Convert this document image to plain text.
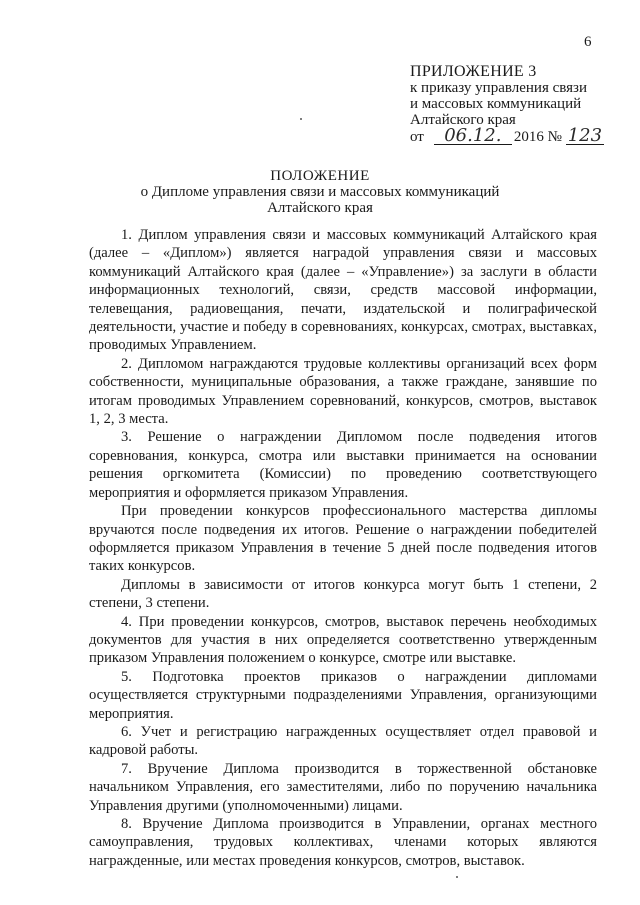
6
ПРИЛОЖЕНИЕ 3
к приказу управления связи
и массовых коммуникаций
Алтайского края
от	06.12. 2016 № 123
ПОЛОЖЕНИЕ
о Дипломе управления связи и массовых коммуникаций
Алтайского края

1. Диплом управления связи и массовых коммуникаций Алтайского края (далее – «Диплом») является наградой управления связи и массовых коммуникаций Алтайского края (далее – «Управление») за заслуги в области информационных технологий, связи, средств массовой информации, телевещания, радиовещания, печати, издательской и полиграфической деятельности, участие и победу в соревнованиях, конкурсах, смотрах, выставках, проводимых Управлением.

2. Дипломом награждаются трудовые коллективы организаций всех форм собственности, муниципальные образования, а также граждане, занявшие по итогам проводимых Управлением соревнований, конкурсов, смотров, выставок 1, 2, 3 места.

3. Решение о награждении Дипломом после подведения итогов соревнования, конкурса, смотра или выставки принимается на основании решения оргкомитета (Комиссии) по проведению соответствующего мероприятия и оформляется приказом Управления.

При проведении конкурсов профессионального мастерства дипломы вручаются после подведения их итогов. Решение о награждении победителей оформляется приказом Управления в течение 5 дней после подведения итогов таких конкурсов.

Дипломы в зависимости от итогов конкурса могут быть 1 степени, 2 степени, 3 степени.

4. При проведении конкурсов, смотров, выставок перечень необходимых документов для участия в них определяется соответственно утвержденным приказом Управления положением о конкурсе, смотре или выставке.

5. Подготовка проектов приказов о награждении дипломами осуществляется структурными подразделениями Управления, организующими мероприятия.

6. Учет и регистрацию награжденных осуществляет отдел правовой и кадровой работы.

7. Вручение Диплома производится в торжественной обстановке начальником Управления, его заместителями, либо по поручению начальника Управления другими (уполномоченными) лицами.

8. Вручение Диплома производится в Управлении, органах местного самоуправления, трудовых коллективах, членами которых являются награжденные, или местах проведения конкурсов, смотров, выставок.
